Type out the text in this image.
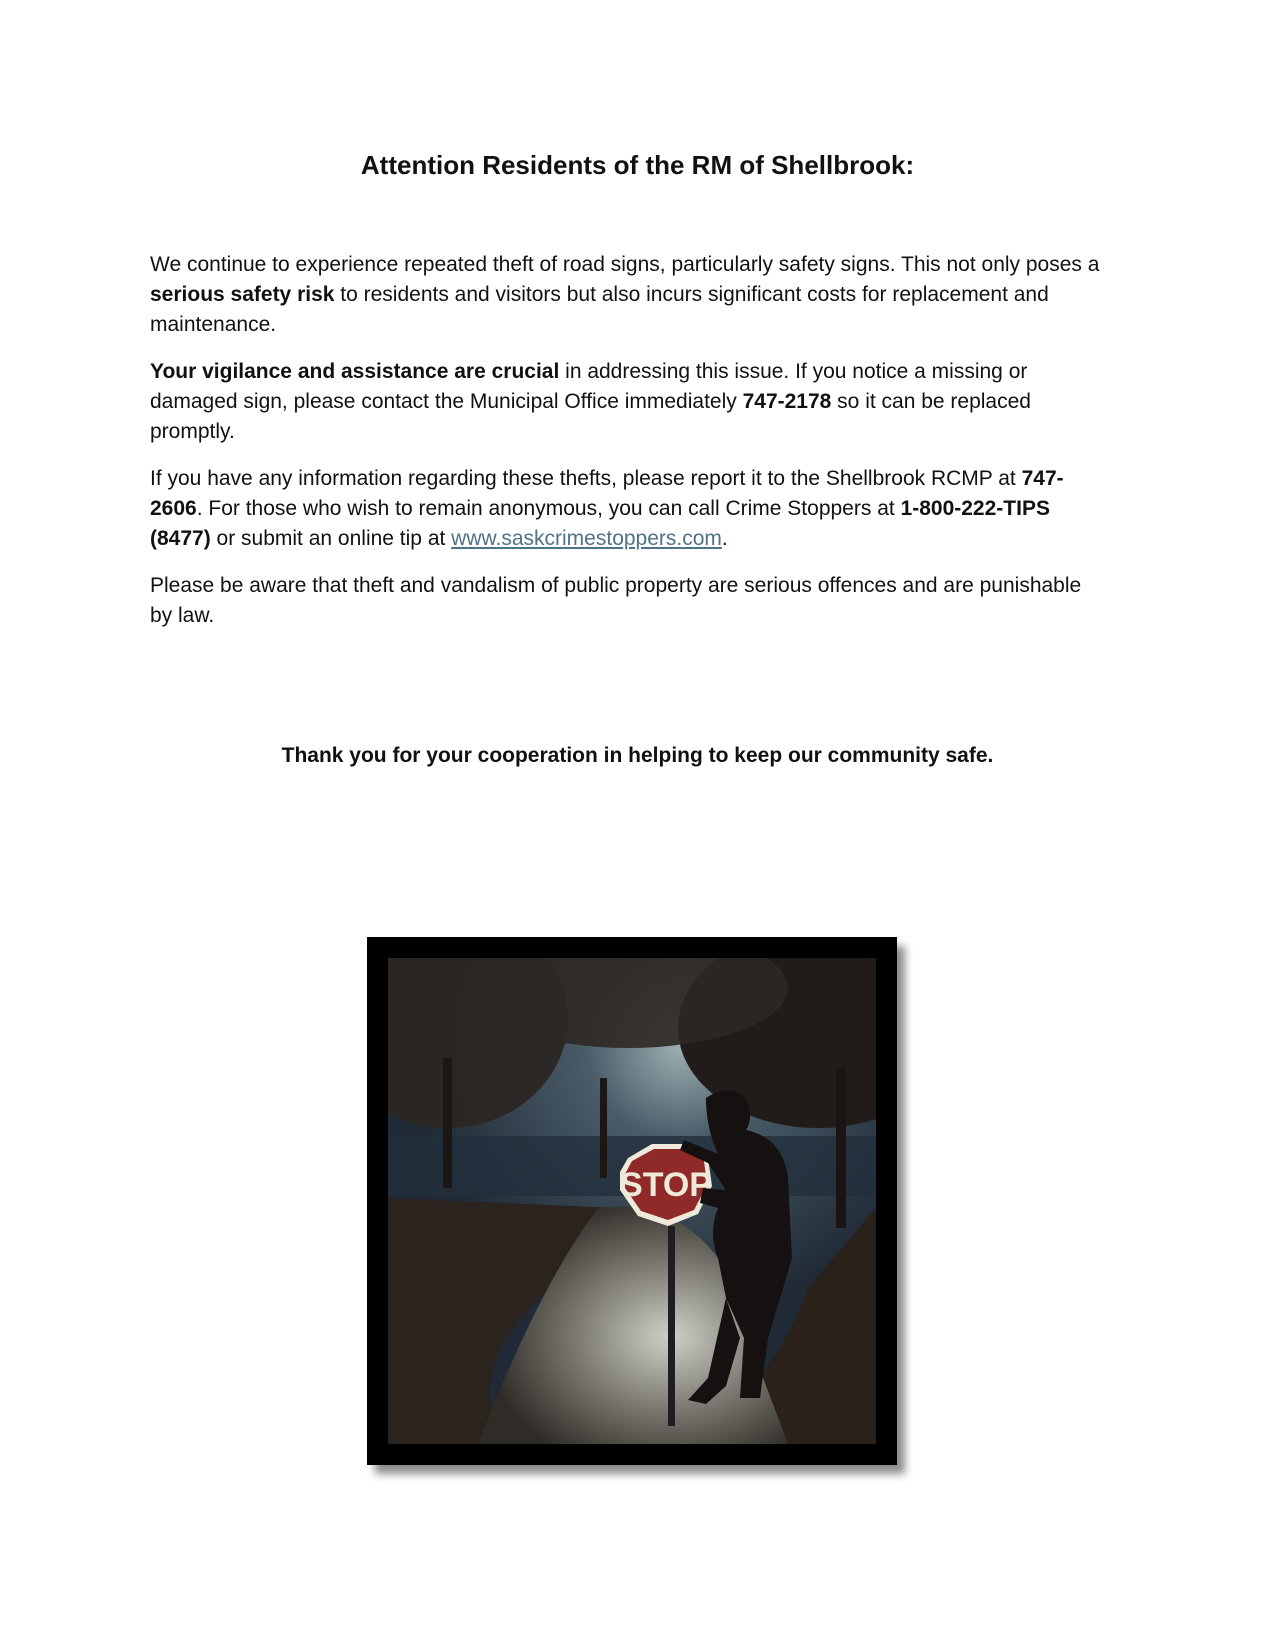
Attention Residents of the RM of Shellbrook:

We continue to experience repeated theft of road signs, particularly safety signs. This not only poses a serious safety risk to residents and visitors but also incurs significant costs for replacement and maintenance.

Your vigilance and assistance are crucial in addressing this issue. If you notice a missing or damaged sign, please contact the Municipal Office immediately 747-2178 so it can be replaced promptly.

If you have any information regarding these thefts, please report it to the Shellbrook RCMP at 747-2606. For those who wish to remain anonymous, you can call Crime Stoppers at 1-800-222-TIPS (8477) or submit an online tip at www.saskcrimestoppers.com.

Please be aware that theft and vandalism of public property are serious offences and are punishable by law.

Thank you for your cooperation in helping to keep our community safe.

STOP
